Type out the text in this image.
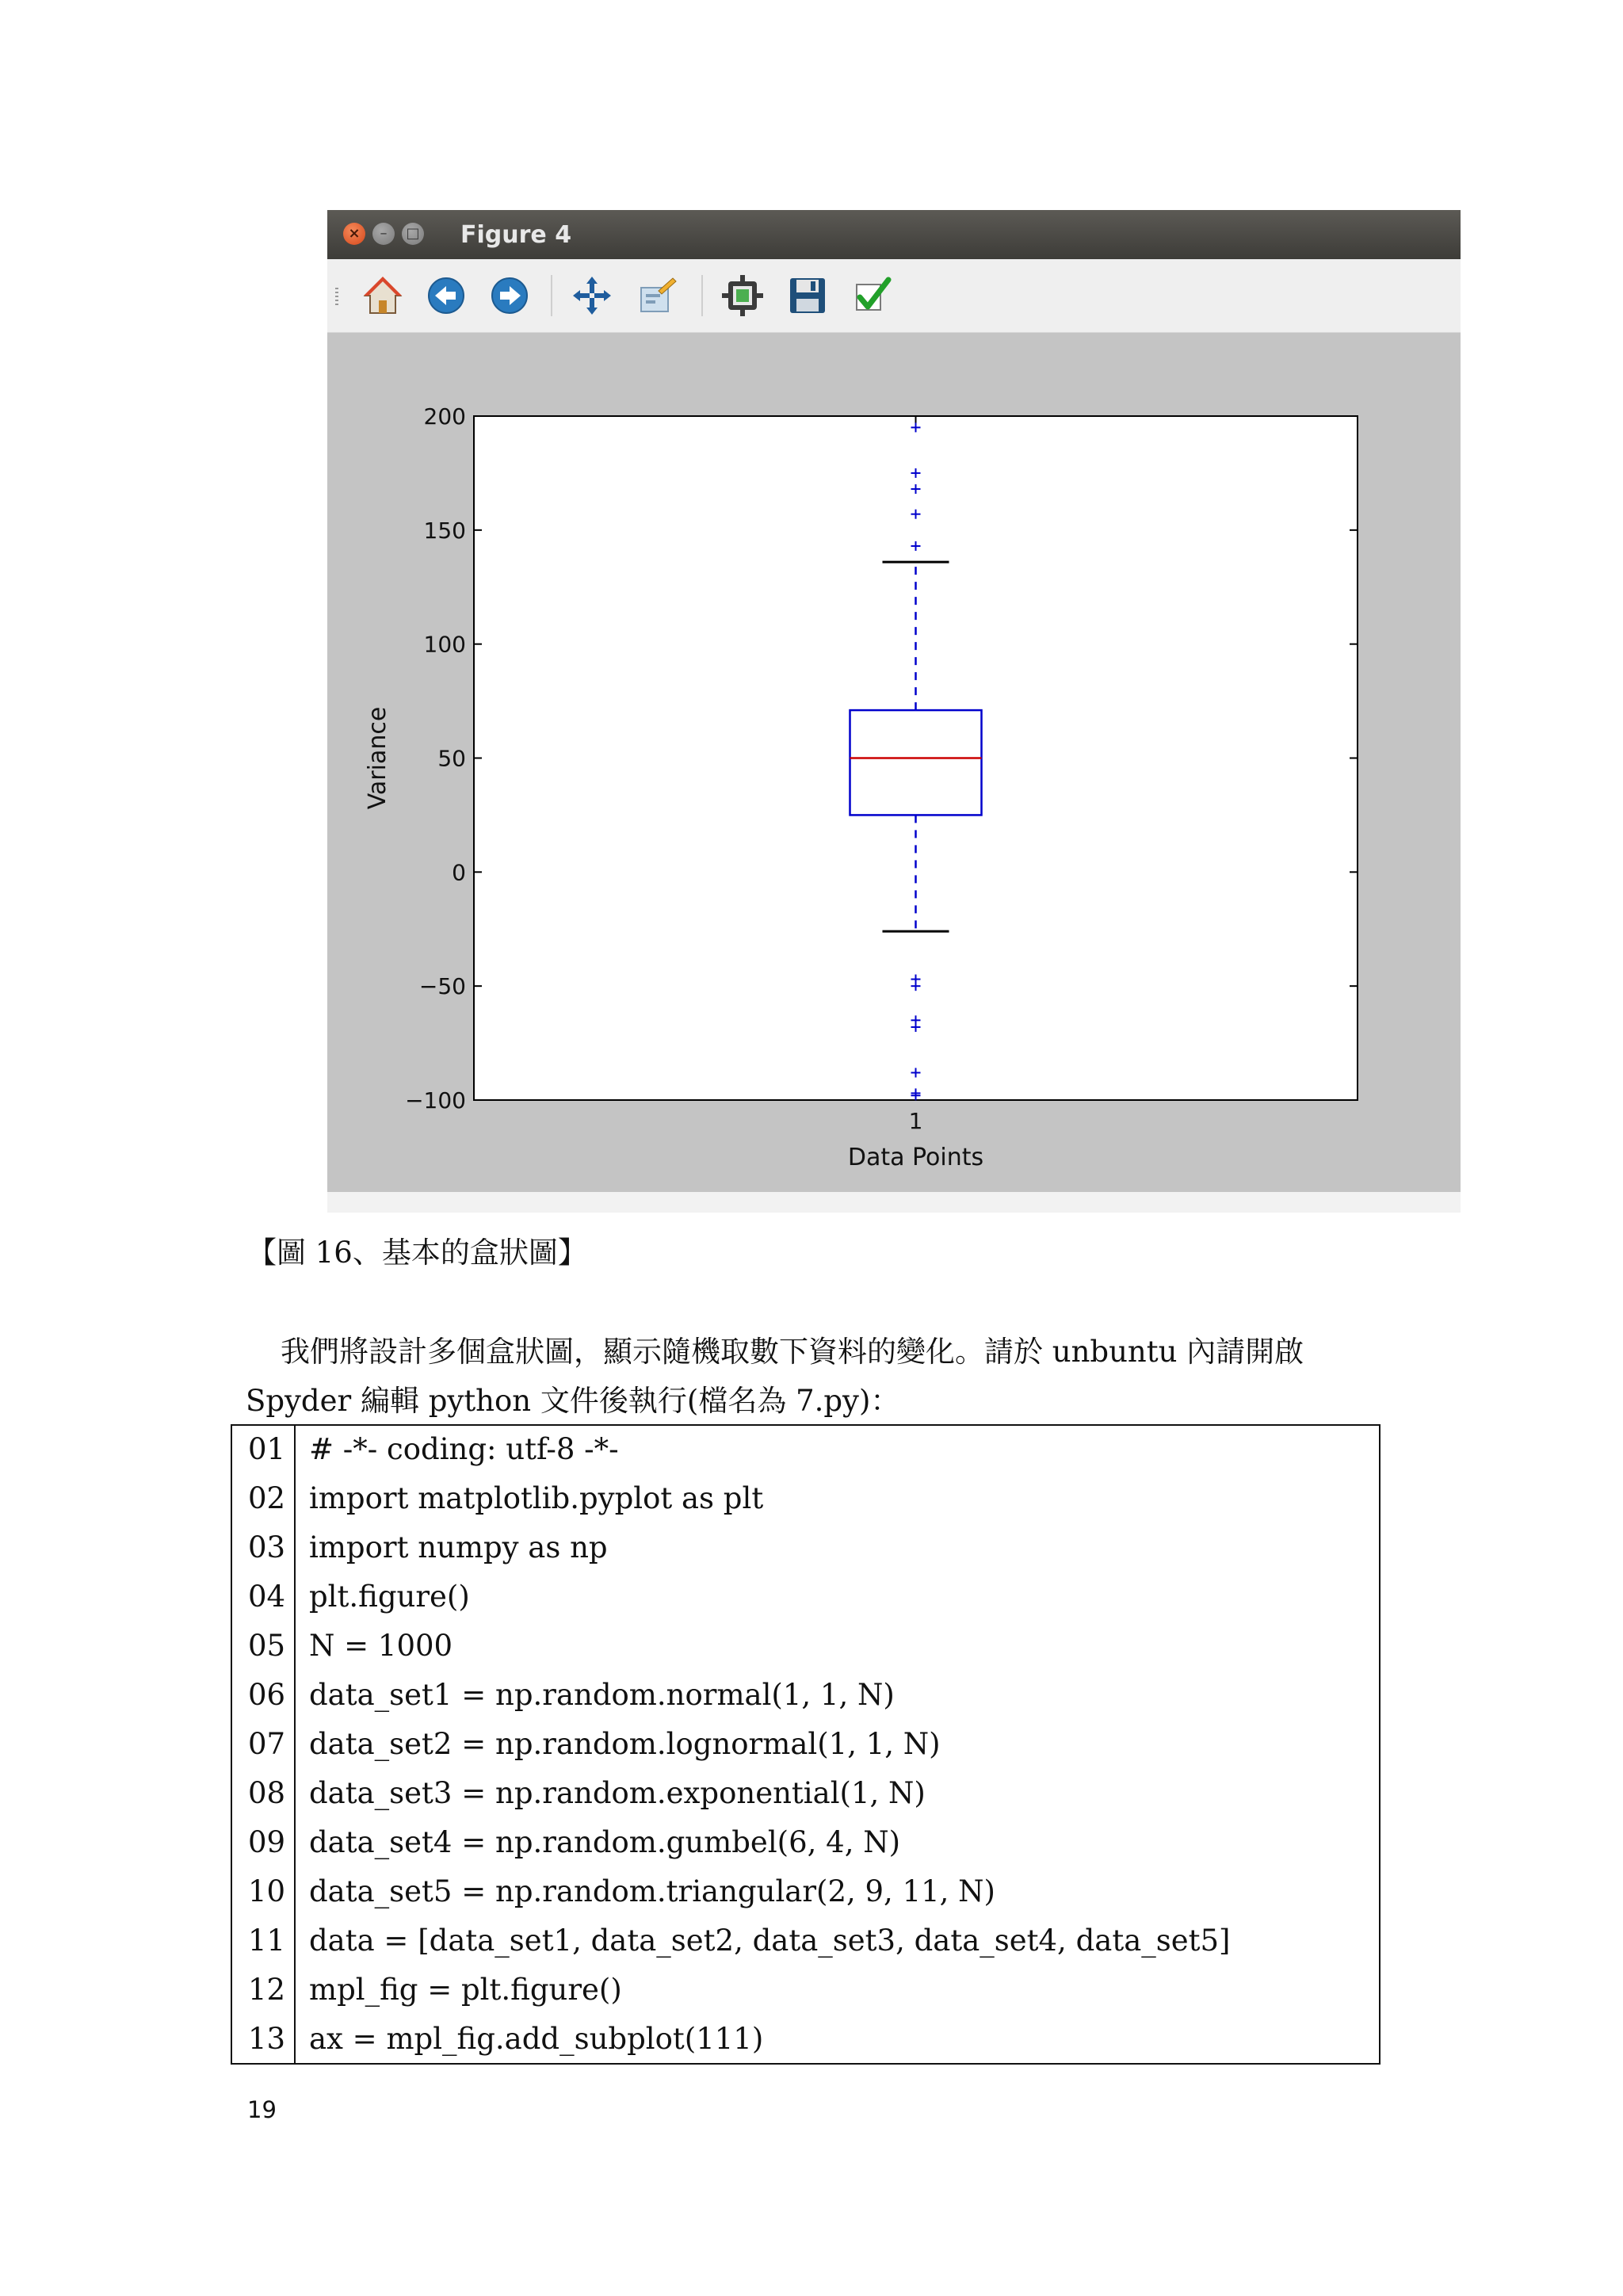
×	–	□ Figure 4
200
150
100
50
0
−50
−100
1
Data Points
Variance
【圖 16、基本的盒狀圖】
我們將設計多個盒狀圖，顯示隨機取數下資料的變化。請於 unbuntu 內請開啟
Spyder 編輯 python 文件後執行(檔名為 7.py)：
01 # -*- coding: utf-8 -*-
02 import matplotlib.pyplot as plt
03 import numpy as np
04 plt.figure()
05 N = 1000
06 data_set1 = np.random.normal(1, 1, N)
07 data_set2 = np.random.lognormal(1, 1, N)
08 data_set3 = np.random.exponential(1, N)
09 data_set4 = np.random.gumbel(6, 4, N)
10 data_set5 = np.random.triangular(2, 9, 11, N)
11 data = [data_set1, data_set2, data_set3, data_set4, data_set5]
12 mpl_fig = plt.figure()
13 ax = mpl_fig.add_subplot(111)
19
